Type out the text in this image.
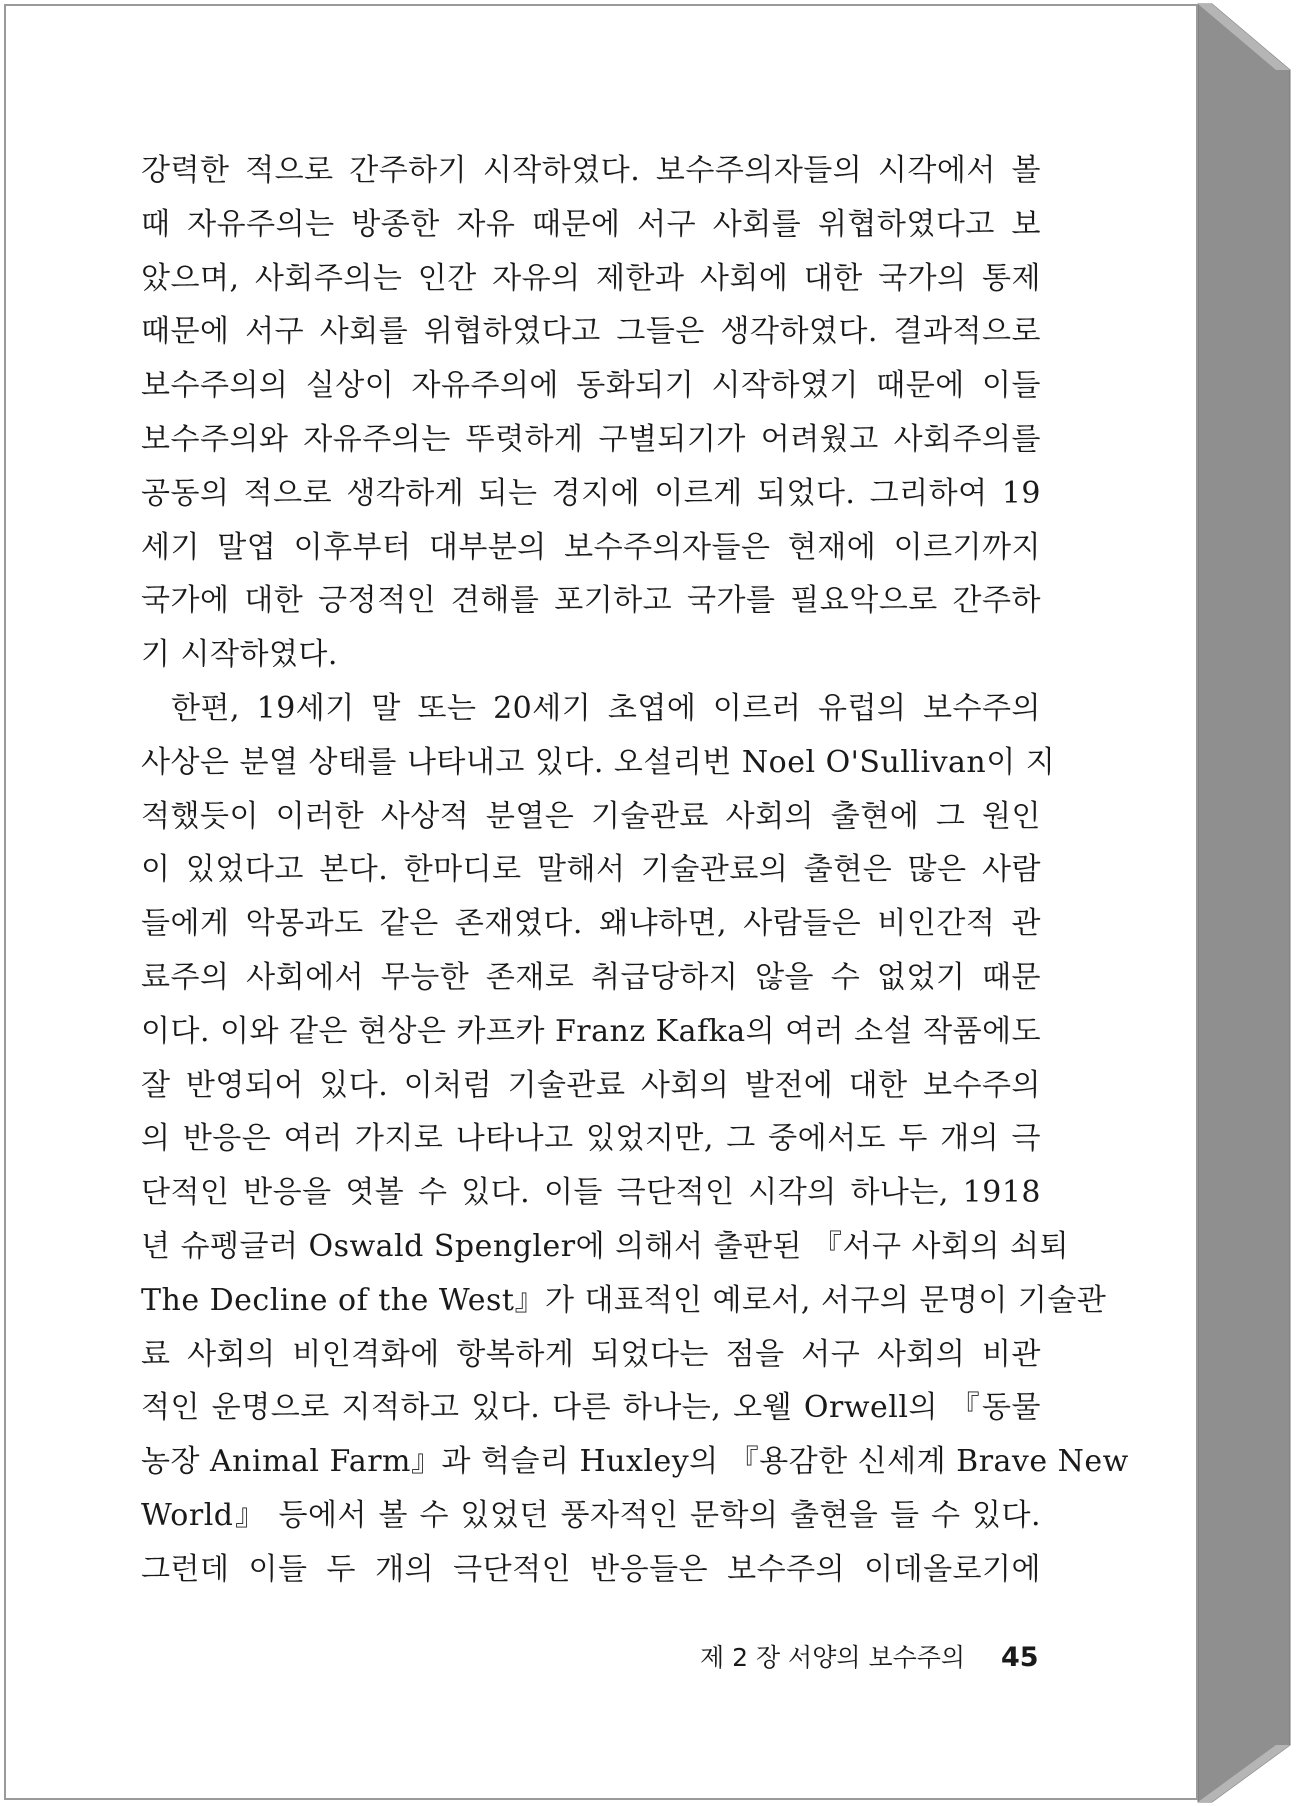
강력한 적으로 간주하기 시작하였다. 보수주의자들의 시각에서 볼
때 자유주의는 방종한 자유 때문에 서구 사회를 위협하였다고 보
았으며, 사회주의는 인간 자유의 제한과 사회에 대한 국가의 통제
때문에 서구 사회를 위협하였다고 그들은 생각하였다. 결과적으로
보수주의의 실상이 자유주의에 동화되기 시작하였기 때문에 이들
보수주의와 자유주의는 뚜렷하게 구별되기가 어려웠고 사회주의를
공동의 적으로 생각하게 되는 경지에 이르게 되었다. 그리하여 19
세기 말엽 이후부터 대부분의 보수주의자들은 현재에 이르기까지
국가에 대한 긍정적인 견해를 포기하고 국가를 필요악으로 간주하
기 시작하였다.
한편, 19세기 말 또는 20세기 초엽에 이르러 유럽의 보수주의
사상은 분열 상태를 나타내고 있다. 오설리번 Noel O'Sullivan이 지
적했듯이 이러한 사상적 분열은 기술관료 사회의 출현에 그 원인
이 있었다고 본다. 한마디로 말해서 기술관료의 출현은 많은 사람
들에게 악몽과도 같은 존재였다. 왜냐하면, 사람들은 비인간적 관
료주의 사회에서 무능한 존재로 취급당하지 않을 수 없었기 때문
이다. 이와 같은 현상은 카프카 Franz Kafka의 여러 소설 작품에도
잘 반영되어 있다. 이처럼 기술관료 사회의 발전에 대한 보수주의
의 반응은 여러 가지로 나타나고 있었지만, 그 중에서도 두 개의 극
단적인 반응을 엿볼 수 있다. 이들 극단적인 시각의 하나는, 1918
년 슈펭글러 Oswald Spengler에 의해서 출판된 『서구 사회의 쇠퇴
The Decline of the West』가 대표적인 예로서, 서구의 문명이 기술관
료 사회의 비인격화에 항복하게 되었다는 점을 서구 사회의 비관
적인 운명으로 지적하고 있다. 다른 하나는, 오웰 Orwell의 『동물
농장 Animal Farm』과 헉슬리 Huxley의 『용감한 신세계 Brave New
World』 등에서 볼 수 있었던 풍자적인 문학의 출현을 들 수 있다.
그런데 이들 두 개의 극단적인 반응들은 보수주의 이데올로기에
제 2 장 서양의 보수주의 45
